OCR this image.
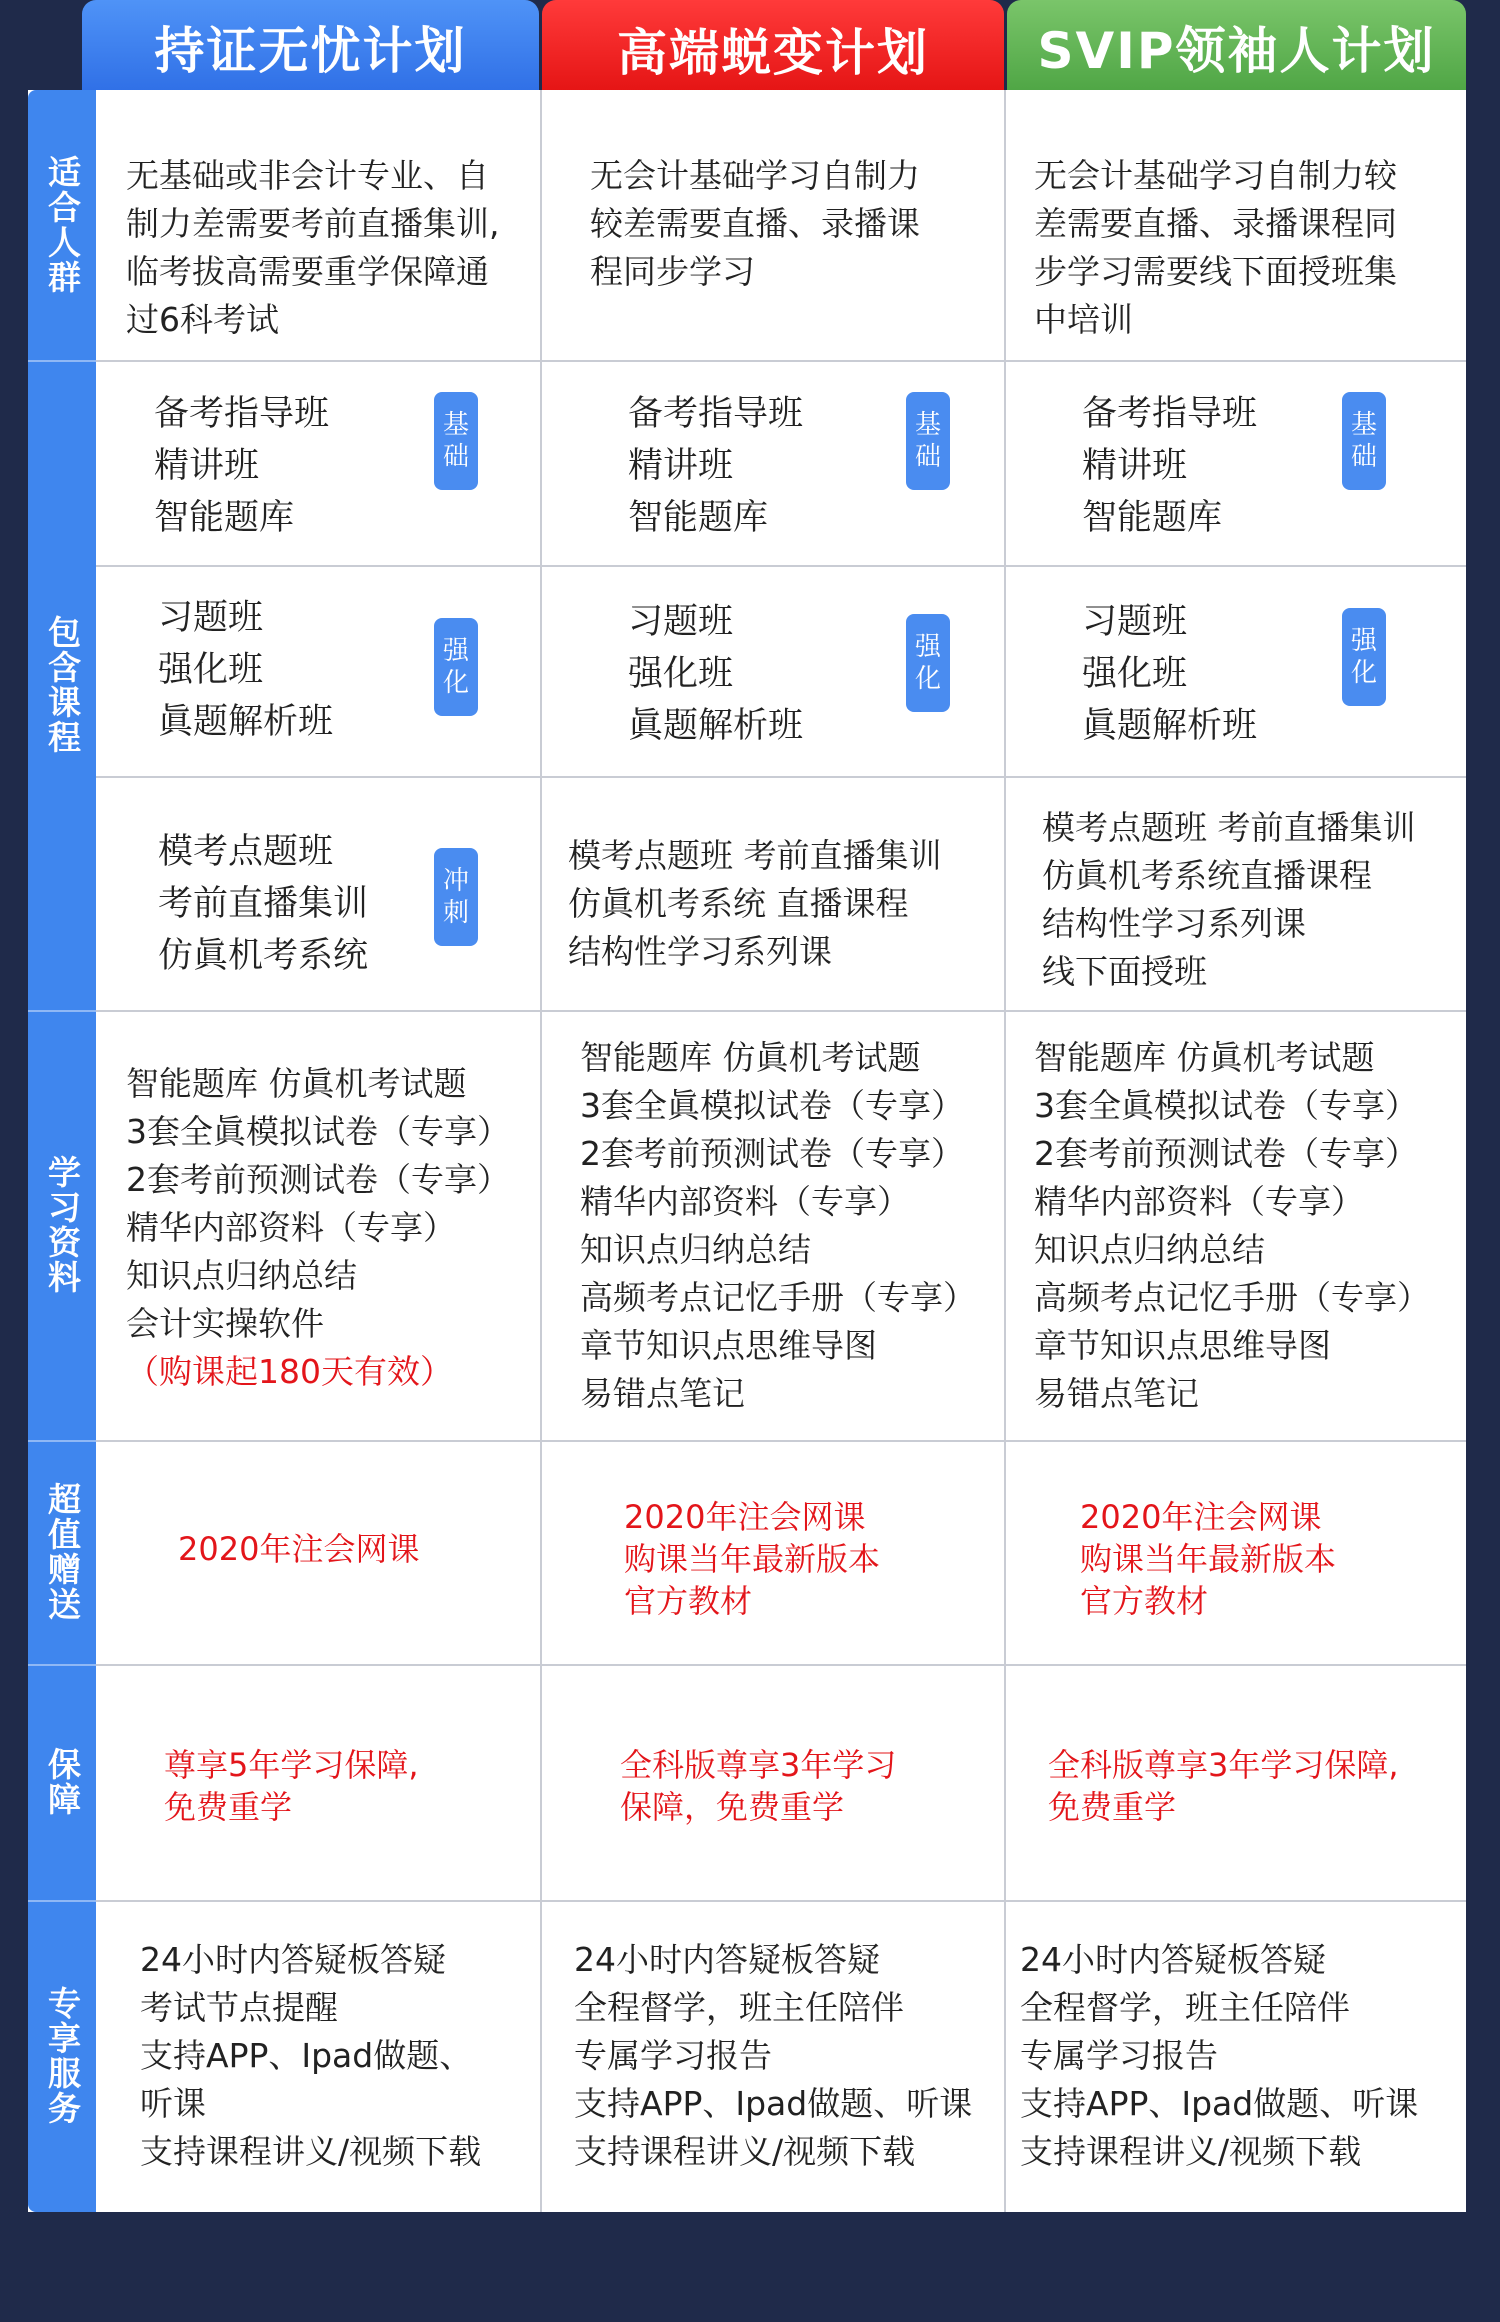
持证无忧计划	高端蜕变计划	SVIP领袖人计划
适合人群
包含课程
学习资料
超值赠送
保障
专享服务
无基础或非会计专业、自
制力差需要考前直播集训,
临考拔高需要重学保障通
过6科考试
无会计基础学习自制力
较差需要直播、录播课
程同步学习
无会计基础学习自制力较
差需要直播、录播课程同
步学习需要线下面授班集
中培训
备考指导班
精讲班
智能题库
基础
备考指导班
精讲班
智能题库
基础
备考指导班
精讲班
智能题库
基础
习题班
强化班
眞题解析班
强化
习题班
强化班
眞题解析班
强化
习题班
强化班
眞题解析班
强化
模考点题班
考前直播集训
仿眞机考系统
冲刺
模考点题班 考前直播集训
仿眞机考系统 直播课程
结构性学习系列课
模考点题班 考前直播集训
仿眞机考系统直播课程
结构性学习系列课
线下面授班
智能题库 仿眞机考试题
3套全眞模拟试卷（专享）
2套考前预测试卷（专享）
精华内部资料（专享）
知识点归纳总结
会计实操软件
（购课起180天有效）
智能题库 仿眞机考试题
3套全眞模拟试卷（专享）
2套考前预测试卷（专享）
精华内部资料（专享）
知识点归纳总结
高频考点记忆手册（专享）
章节知识点思维导图
易错点笔记
智能题库 仿眞机考试题
3套全眞模拟试卷（专享）
2套考前预测试卷（专享）
精华内部资料（专享）
知识点归纳总结
高频考点记忆手册（专享）
章节知识点思维导图
易错点笔记
2020年注会网课
2020年注会网课
购课当年最新版本
官方教材
2020年注会网课
购课当年最新版本
官方教材
尊享5年学习保障,
免费重学
全科版尊享3年学习
保障，免费重学
全科版尊享3年学习保障,
免费重学
24小时内答疑板答疑
考试节点提醒
支持APP、Ipad做题、
听课
支持课程讲义/视频下载
24小时内答疑板答疑
全程督学，班主任陪伴
专属学习报告
支持APP、Ipad做题、听课
支持课程讲义/视频下载
24小时内答疑板答疑
全程督学，班主任陪伴
专属学习报告
支持APP、Ipad做题、听课
支持课程讲义/视频下载
